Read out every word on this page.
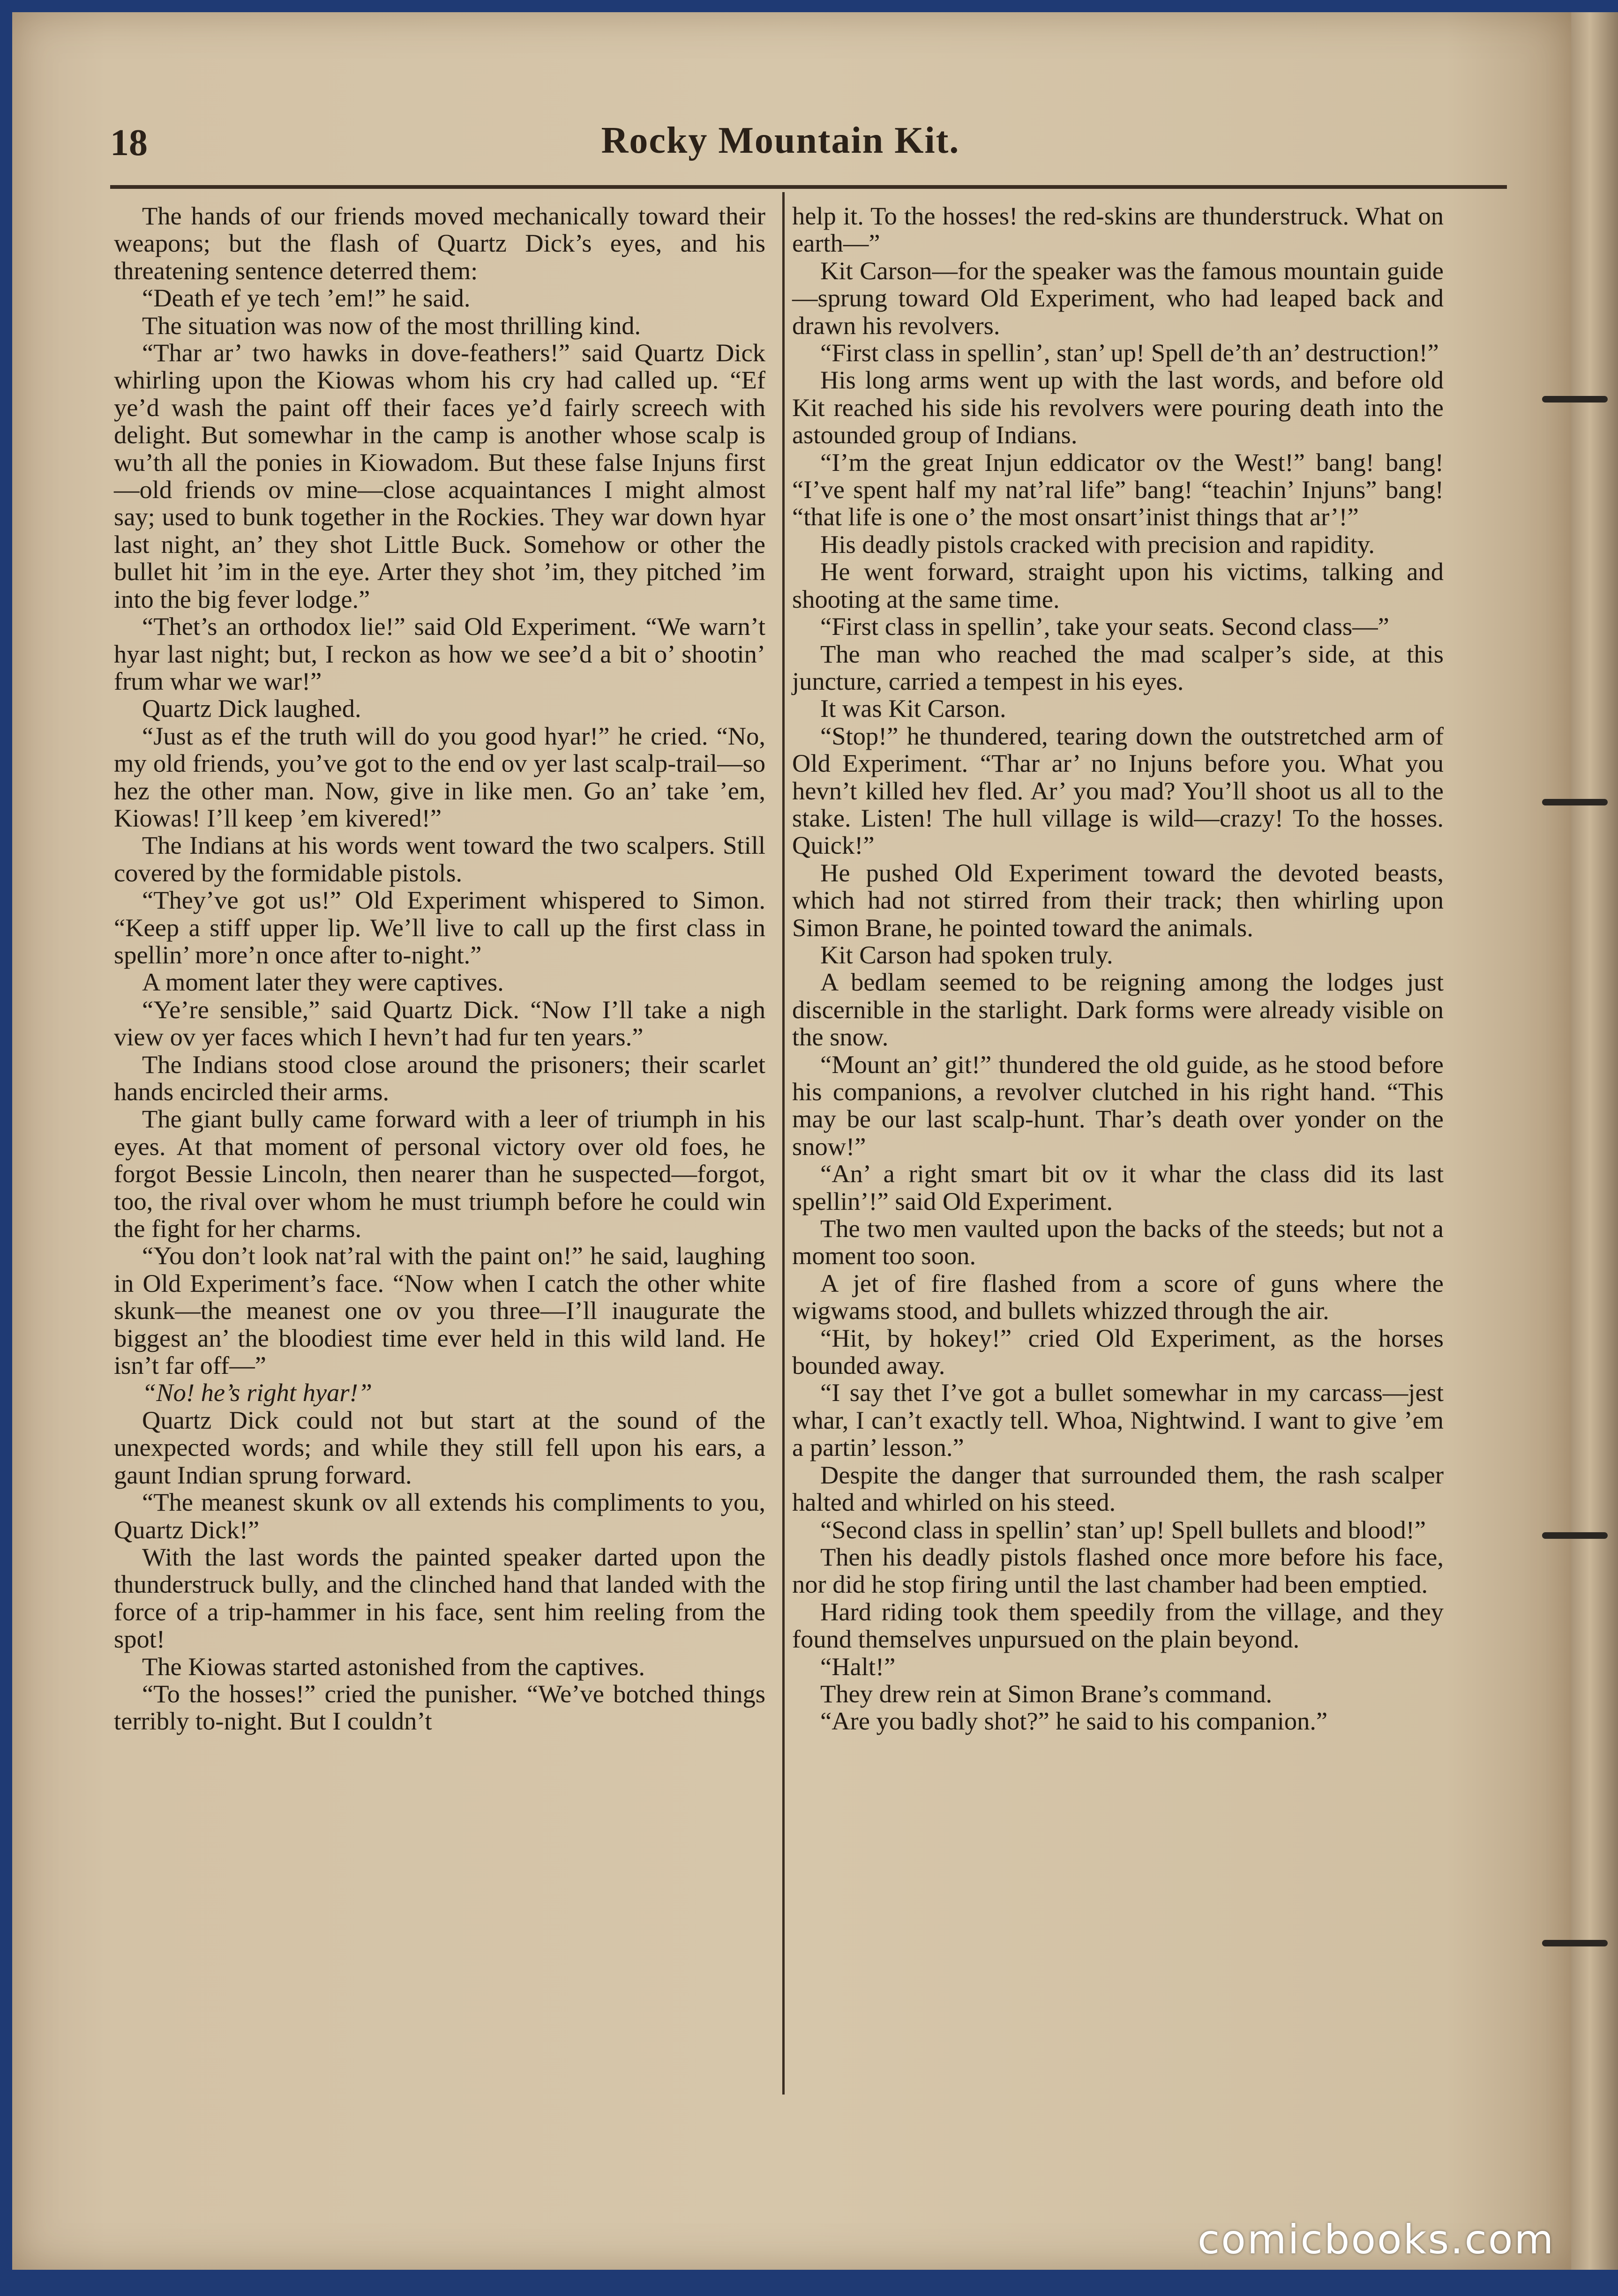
18	Rocky Mountain Kit.

The hands of our friends moved mechanically toward their weapons; but the flash of Quartz Dick’s eyes, and his threatening sentence deterred them:

“Death ef ye tech ’em!” he said.

The situation was now of the most thrilling kind.

“Thar ar’ two hawks in dove-feathers!” said Quartz Dick whirling upon the Kiowas whom his cry had called up. “Ef ye’d wash the paint off their faces ye’d fairly screech with delight. But somewhar in the camp is another whose scalp is wu’th all the ponies in Kiowadom. But these false Injuns first—old friends ov mine—close acquaintances I might almost say; used to bunk together in the Rockies. They war down hyar last night, an’ they shot Little Buck. Somehow or other the bullet hit ’im in the eye. Arter they shot ’im, they pitched ’im into the big fever lodge.”

“Thet’s an orthodox lie!” said Old Experiment. “We warn’t hyar last night; but, I reckon as how we see’d a bit o’ shootin’ frum whar we war!”

Quartz Dick laughed.

“Just as ef the truth will do you good hyar!” he cried. “No, my old friends, you’ve got to the end ov yer last scalp-trail—so hez the other man. Now, give in like men. Go an’ take ’em, Kiowas! I’ll keep ’em kivered!”

The Indians at his words went toward the two scalpers. Still covered by the formidable pistols.

“They’ve got us!” Old Experiment whispered to Simon. “Keep a stiff upper lip. We’ll live to call up the first class in spellin’ more’n once after to-night.”

A moment later they were captives.

“Ye’re sensible,” said Quartz Dick. “Now I’ll take a nigh view ov yer faces which I hevn’t had fur ten years.”

The Indians stood close around the prisoners; their scarlet hands encircled their arms.

The giant bully came forward with a leer of triumph in his eyes. At that moment of personal victory over old foes, he forgot Bessie Lincoln, then nearer than he suspected—forgot, too, the rival over whom he must triumph before he could win the fight for her charms.

“You don’t look nat’ral with the paint on!” he said, laughing in Old Experiment’s face. “Now when I catch the other white skunk—the meanest one ov you three—I’ll inaugurate the biggest an’ the bloodiest time ever held in this wild land. He isn’t far off—”

“No! he’s right hyar!”

Quartz Dick could not but start at the sound of the unexpected words; and while they still fell upon his ears, a gaunt Indian sprung forward.

“The meanest skunk ov all extends his compliments to you, Quartz Dick!”

With the last words the painted speaker darted upon the thunderstruck bully, and the clinched hand that landed with the force of a trip-hammer in his face, sent him reeling from the spot!

The Kiowas started astonished from the captives.

“To the hosses!” cried the punisher. “We’ve botched things terribly to-night. But I couldn’t

help it. To the hosses! the red-skins are thunderstruck. What on earth—”

Kit Carson—for the speaker was the famous mountain guide—sprung toward Old Experiment, who had leaped back and drawn his revolvers.

“First class in spellin’, stan’ up! Spell de’th an’ destruction!”

His long arms went up with the last words, and before old Kit reached his side his revolvers were pouring death into the astounded group of Indians.

“I’m the great Injun eddicator ov the West!” bang! bang! “I’ve spent half my nat’ral life” bang! “teachin’ Injuns” bang! “that life is one o’ the most onsart’inist things that ar’!”

His deadly pistols cracked with precision and rapidity.

He went forward, straight upon his victims, talking and shooting at the same time.

“First class in spellin’, take your seats. Second class—”

The man who reached the mad scalper’s side, at this juncture, carried a tempest in his eyes.

It was Kit Carson.

“Stop!” he thundered, tearing down the outstretched arm of Old Experiment. “Thar ar’ no Injuns before you. What you hevn’t killed hev fled. Ar’ you mad? You’ll shoot us all to the stake. Listen! The hull village is wild—crazy! To the hosses. Quick!”

He pushed Old Experiment toward the devoted beasts, which had not stirred from their track; then whirling upon Simon Brane, he pointed toward the animals.

Kit Carson had spoken truly.

A bedlam seemed to be reigning among the lodges just discernible in the starlight. Dark forms were already visible on the snow.

“Mount an’ git!” thundered the old guide, as he stood before his companions, a revolver clutched in his right hand. “This may be our last scalp-hunt. Thar’s death over yonder on the snow!”

“An’ a right smart bit ov it whar the class did its last spellin’!” said Old Experiment.

The two men vaulted upon the backs of the steeds; but not a moment too soon.

A jet of fire flashed from a score of guns where the wigwams stood, and bullets whizzed through the air.

“Hit, by hokey!” cried Old Experiment, as the horses bounded away.

“I say thet I’ve got a bullet somewhar in my carcass—jest whar, I can’t exactly tell. Whoa, Nightwind. I want to give ’em a partin’ lesson.”

Despite the danger that surrounded them, the rash scalper halted and whirled on his steed.

“Second class in spellin’ stan’ up! Spell bullets and blood!”

Then his deadly pistols flashed once more before his face, nor did he stop firing until the last chamber had been emptied.

Hard riding took them speedily from the village, and they found themselves unpursued on the plain beyond.

“Halt!”

They drew rein at Simon Brane’s command.

“Are you badly shot?” he said to his companion.”

comicbooks.com
